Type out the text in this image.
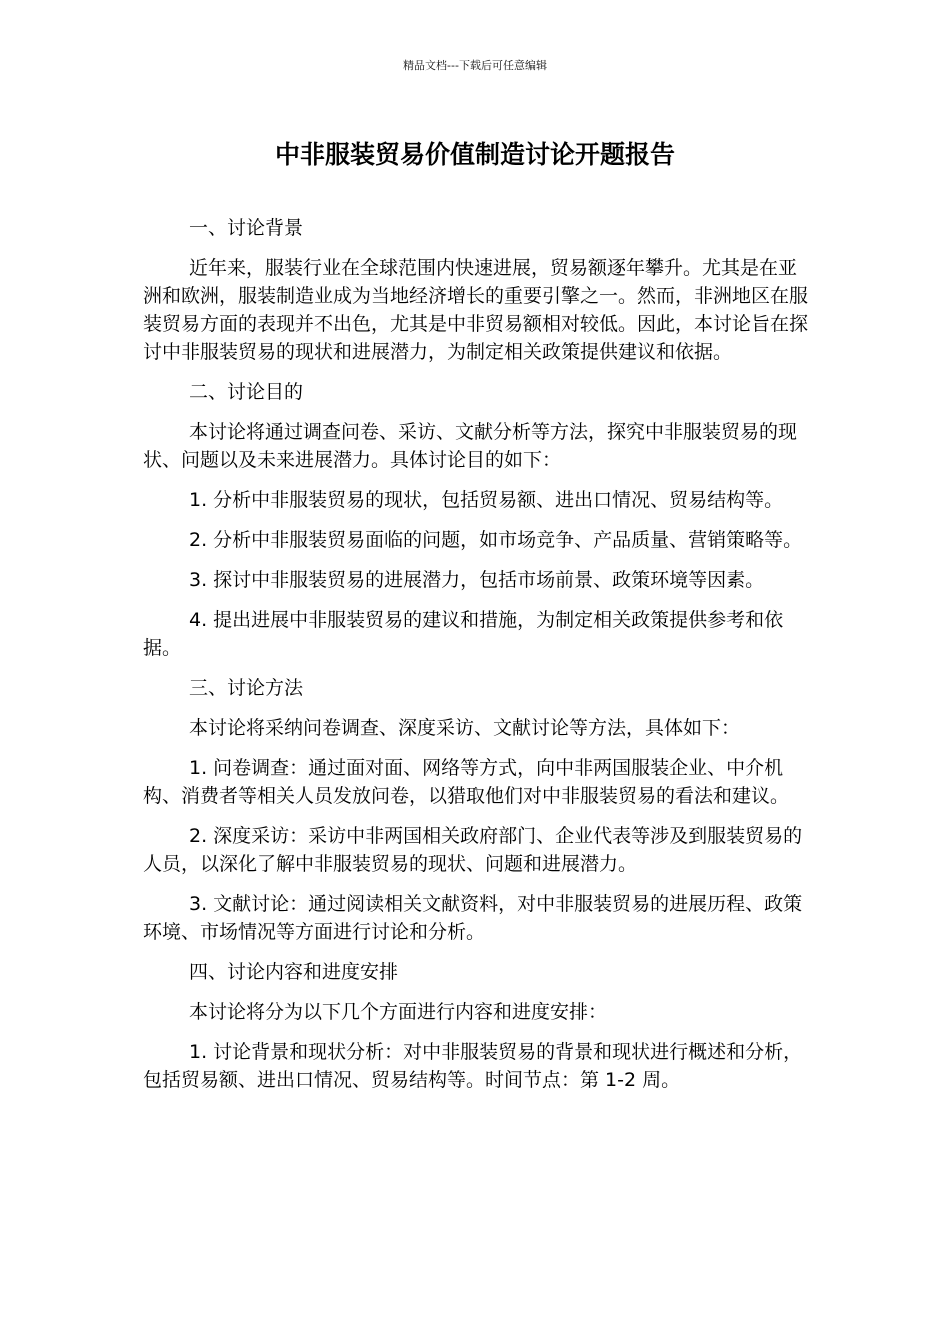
精品文档---下载后可任意编辑
中非服装贸易价值制造讨论开题报告
一、讨论背景

近年来，服装行业在全球范围内快速进展，贸易额逐年攀升。尤其是在亚洲和欧洲，服装制造业成为当地经济增长的重要引擎之一。然而，非洲地区在服装贸易方面的表现并不出色，尤其是中非贸易额相对较低。因此，本讨论旨在探讨中非服装贸易的现状和进展潜力，为制定相关政策提供建议和依据。

二、讨论目的

本讨论将通过调查问卷、采访、文献分析等方法，探究中非服装贸易的现状、问题以及未来进展潜力。具体讨论目的如下：

1. 分析中非服装贸易的现状，包括贸易额、进出口情况、贸易结构等。

2. 分析中非服装贸易面临的问题，如市场竞争、产品质量、营销策略等。

3. 探讨中非服装贸易的进展潜力，包括市场前景、政策环境等因素。

4. 提出进展中非服装贸易的建议和措施，为制定相关政策提供参考和依据。

三、讨论方法

本讨论将采纳问卷调查、深度采访、文献讨论等方法，具体如下：

1. 问卷调查：通过面对面、网络等方式，向中非两国服装企业、中介机构、消费者等相关人员发放问卷，以猎取他们对中非服装贸易的看法和建议。

2. 深度采访：采访中非两国相关政府部门、企业代表等涉及到服装贸易的人员，以深化了解中非服装贸易的现状、问题和进展潜力。

3. 文献讨论：通过阅读相关文献资料，对中非服装贸易的进展历程、政策环境、市场情况等方面进行讨论和分析。

四、讨论内容和进度安排

本讨论将分为以下几个方面进行内容和进度安排：

1. 讨论背景和现状分析：对中非服装贸易的背景和现状进行概述和分析，包括贸易额、进出口情况、贸易结构等。时间节点：第 1-2 周。
